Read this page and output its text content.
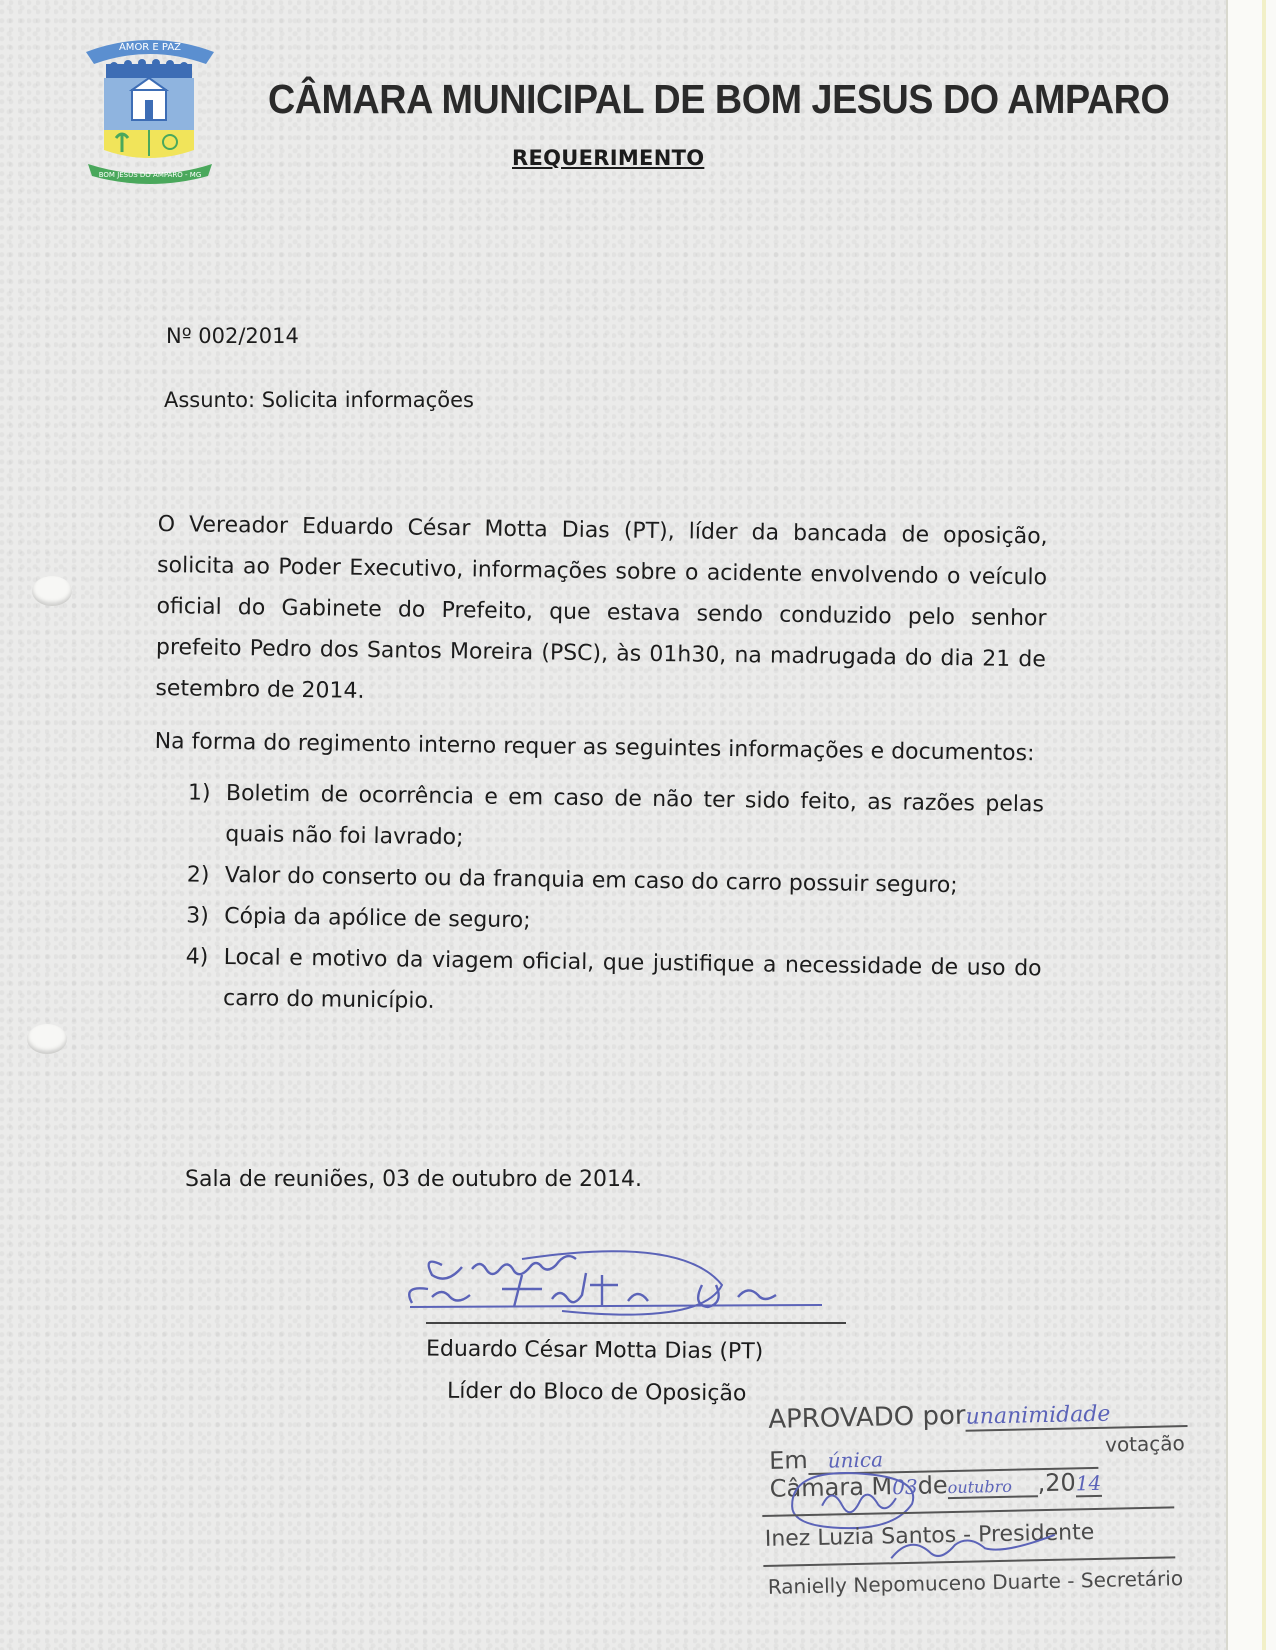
AMOR E PAZ
BOM JESUS DO AMPARO - MG
CÂMARA MUNICIPAL DE BOM JESUS DO AMPARO
REQUERIMENTO
Nº 002/2014
Assunto: Solicita informações

O Vereador Eduardo César Motta Dias (PT), líder da bancada de oposição, solicita ao Poder Executivo, informações sobre o acidente envolvendo o veículo oficial do Gabinete do Prefeito, que estava sendo conduzido pelo senhor prefeito Pedro dos Santos Moreira (PSC), às 01h30, na madrugada do dia 21 de setembro de 2014.

Na forma do regimento interno requer as seguintes informações e documentos:

1) Boletim de ocorrência e em caso de não ter sido feito, as razões pelas quais não foi lavrado;
2) Valor do conserto ou da franquia em caso do carro possuir seguro;
3) Cópia da apólice de seguro;
4) Local e motivo da viagem oficial, que justifique a necessidade de uso do carro do município.
Sala de reuniões, 03 de outubro de 2014.
Eduardo César Motta Dias (PT)
Líder do Bloco de Oposição
APROVADO porunanimidade
Em única $^{votação}$
Câmara M03deoutubro ,2014
Inez Luzia Santos - Presidente
Ranielly Nepomuceno Duarte - Secretário
